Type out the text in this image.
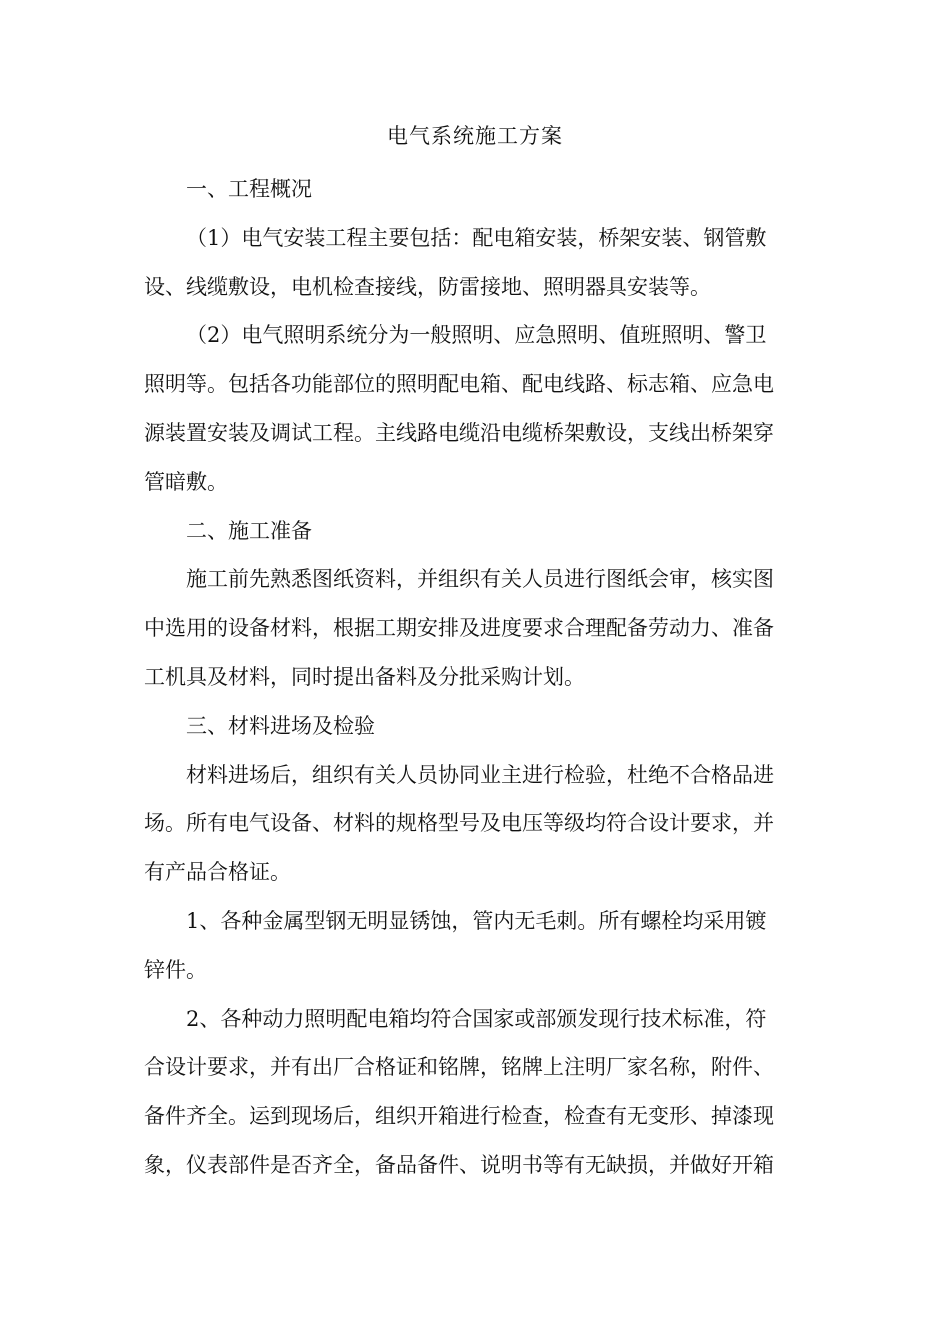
电气系统施工方案

一、工程概况

（1）电气安装工程主要包括：配电箱安装，桥架安装、钢管敷
设、线缆敷设，电机检查接线，防雷接地、照明器具安装等。

（2）电气照明系统分为一般照明、应急照明、值班照明、警卫
照明等。包括各功能部位的照明配电箱、配电线路、标志箱、应急电
源装置安装及调试工程。主线路电缆沿电缆桥架敷设，支线出桥架穿
管暗敷。

二、施工准备

施工前先熟悉图纸资料，并组织有关人员进行图纸会审，核实图
中选用的设备材料，根据工期安排及进度要求合理配备劳动力、准备
工机具及材料，同时提出备料及分批采购计划。

三、材料进场及检验

材料进场后，组织有关人员协同业主进行检验，杜绝不合格品进
场。所有电气设备、材料的规格型号及电压等级均符合设计要求，并
有产品合格证。

1、各种金属型钢无明显锈蚀，管内无毛刺。所有螺栓均采用镀
锌件。

2、各种动力照明配电箱均符合国家或部颁发现行技术标准，符
合设计要求，并有出厂合格证和铭牌，铭牌上注明厂家名称，附件、
备件齐全。运到现场后，组织开箱进行检查，检查有无变形、掉漆现
象，仪表部件是否齐全，备品备件、说明书等有无缺损，并做好开箱
